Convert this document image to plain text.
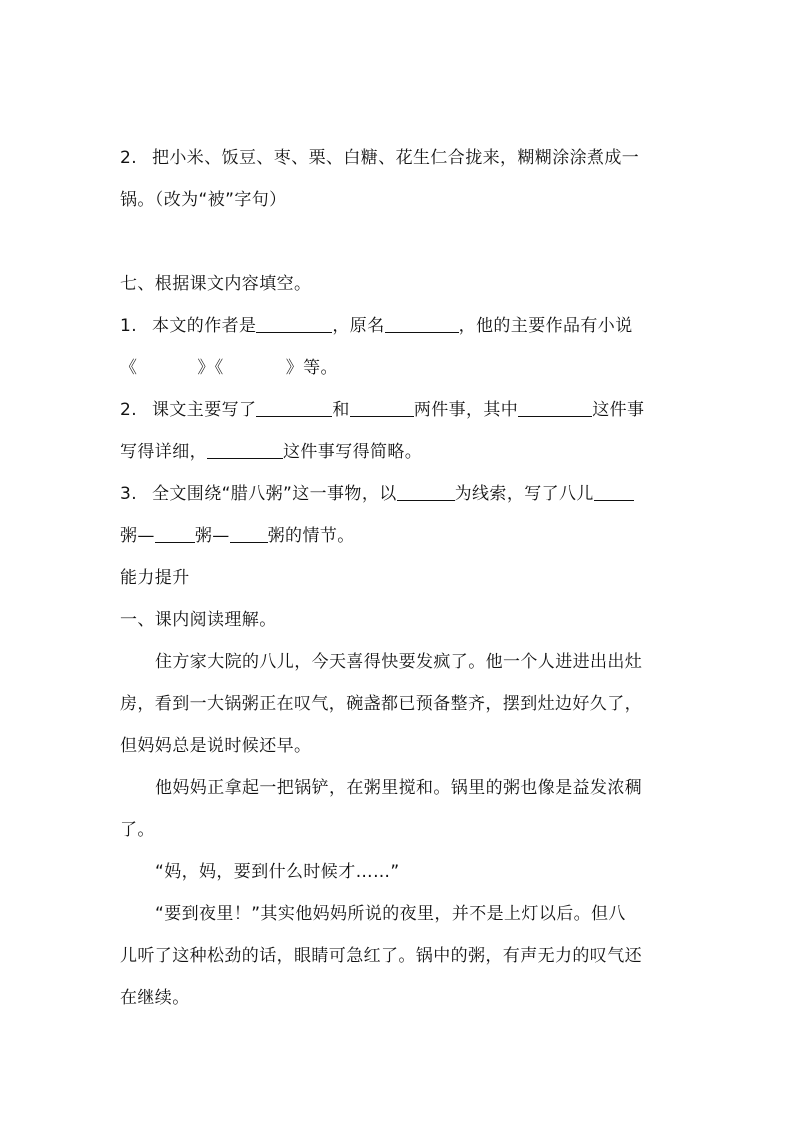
2. 把小米、饭豆、枣、栗、白糖、花生仁合拢来，糊糊涂涂煮成一
锅。（改为“被”字句）
七、根据课文内容填空。
1. 本文的作者是	，原名	，他的主要作品有小说
《	》《	》等。
2. 课文主要写了	和	两件事，其中	这件事
写得详细，	这件事写得简略。
3. 全文围绕“腊八粥”这一事物，以	为线索，写了八儿
粥— 粥— 粥的情节。
能力提升
一、课内阅读理解。
住方家大院的八儿，今天喜得快要发疯了。他一个人进进出出灶
房，看到一大锅粥正在叹气，碗盏都已预备整齐，摆到灶边好久了，
但妈妈总是说时候还早。
他妈妈正拿起一把锅铲，在粥里搅和。锅里的粥也像是益发浓稠
了。
“妈，妈，要到什么时候才……”
“要到夜里！”其实他妈妈所说的夜里，并不是上灯以后。但八
儿听了这种松劲的话，眼睛可急红了。锅中的粥，有声无力的叹气还
在继续。
